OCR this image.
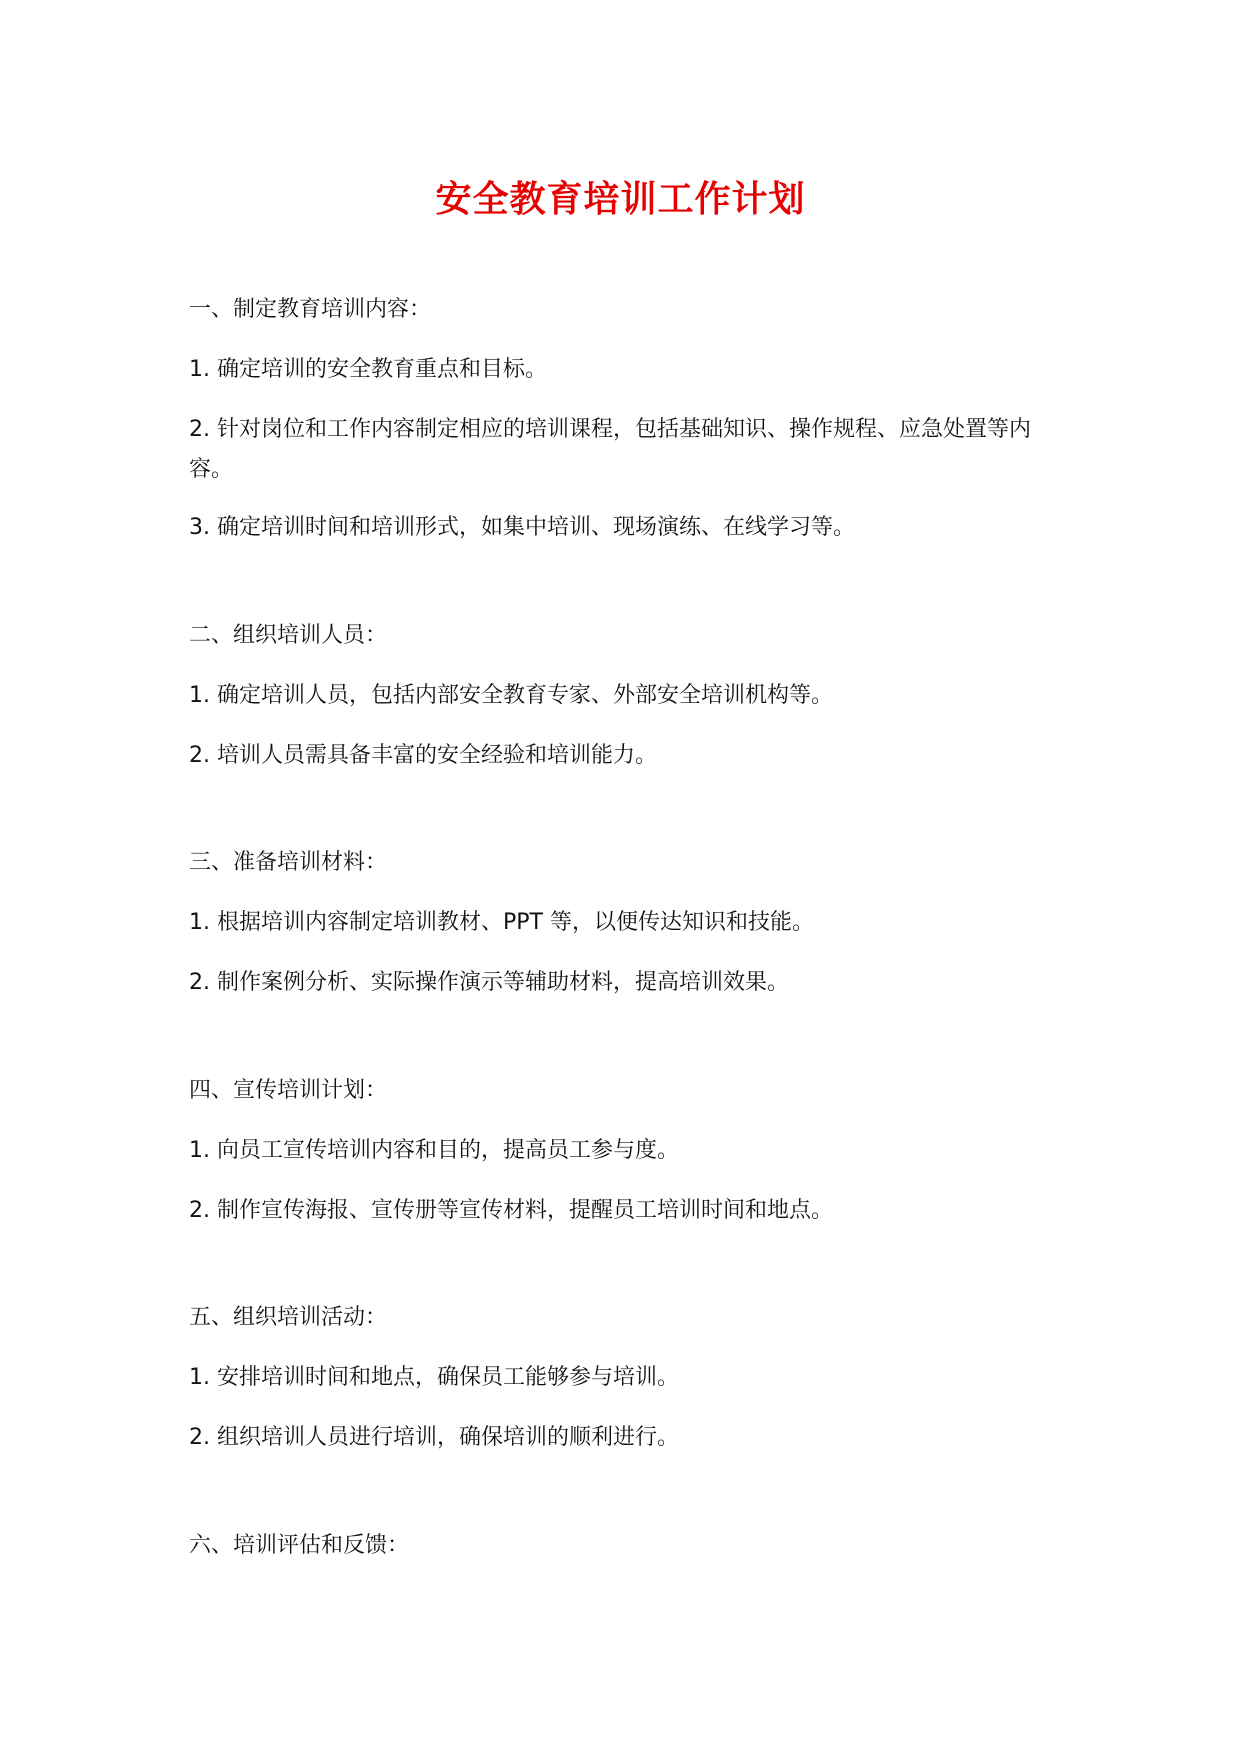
安全教育培训工作计划
一、制定教育培训内容：
1. 确定培训的安全教育重点和目标。
2. 针对岗位和工作内容制定相应的培训课程，包括基础知识、操作规程、应急处置等内容。
3. 确定培训时间和培训形式，如集中培训、现场演练、在线学习等。
二、组织培训人员：
1. 确定培训人员，包括内部安全教育专家、外部安全培训机构等。
2. 培训人员需具备丰富的安全经验和培训能力。
三、准备培训材料：
1. 根据培训内容制定培训教材、PPT 等，以便传达知识和技能。
2. 制作案例分析、实际操作演示等辅助材料，提高培训效果。
四、宣传培训计划：
1. 向员工宣传培训内容和目的，提高员工参与度。
2. 制作宣传海报、宣传册等宣传材料，提醒员工培训时间和地点。
五、组织培训活动：
1. 安排培训时间和地点，确保员工能够参与培训。
2. 组织培训人员进行培训，确保培训的顺利进行。
六、培训评估和反馈：
